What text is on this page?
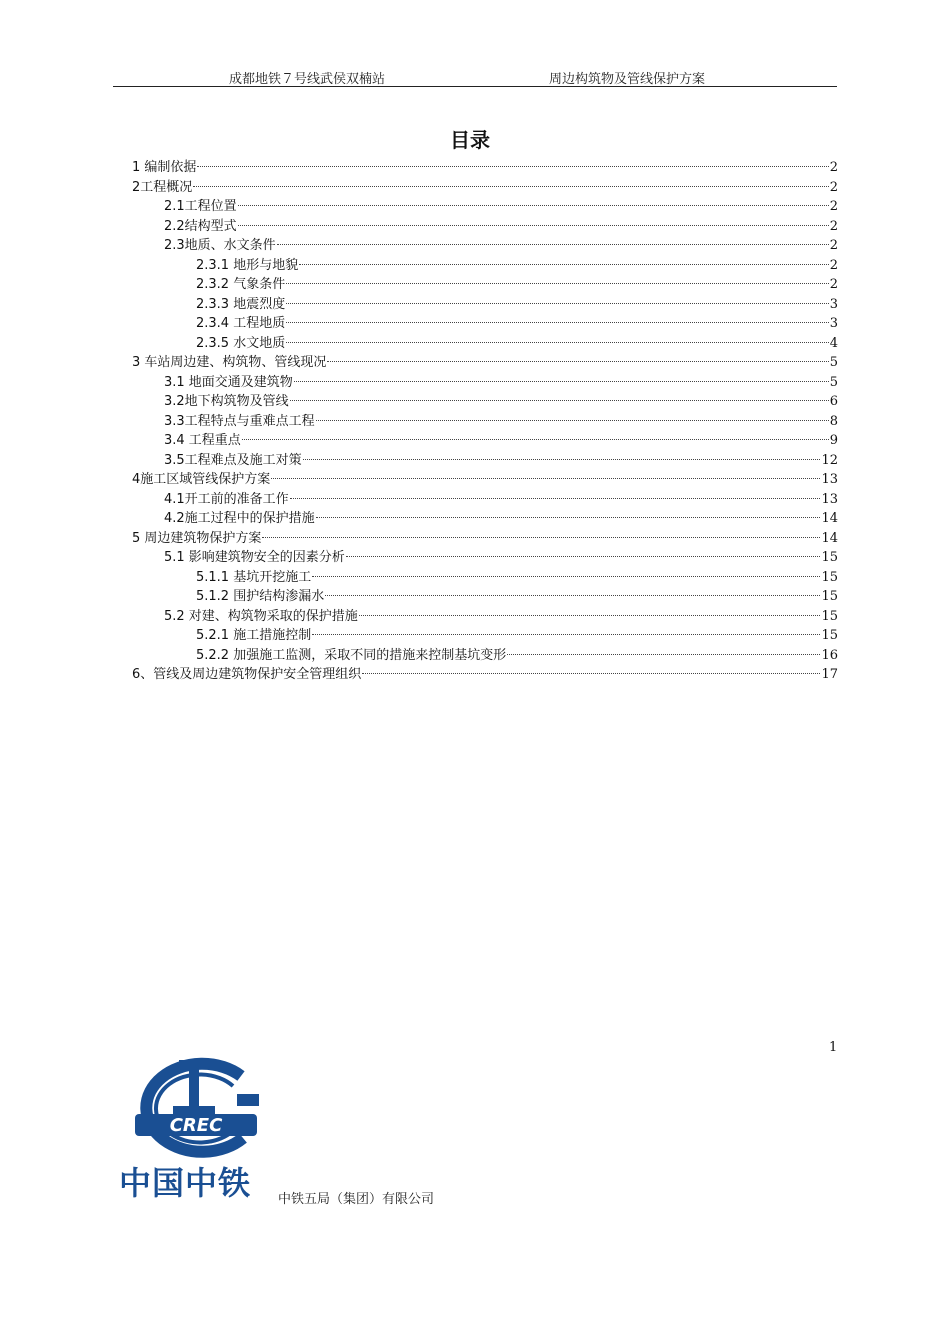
成都地铁７号线武侯双楠站	周边构筑物及管线保护方案
目录
1 编制依据	2
2工程概况	2
2.1工程位置	2
2.2结构型式	2
2.3地质、水文条件	2
2.3.1 地形与地貌	2
2.3.2 气象条件	2
2.3.3 地震烈度	3
2.3.4 工程地质	3
2.3.5 水文地质	4
3 车站周边建、构筑物、管线现况	5
3.1 地面交通及建筑物	5
3.2地下构筑物及管线	6
3.3工程特点与重难点工程	8
3.4 工程重点	9
3.5工程难点及施工对策	12
4施工区域管线保护方案	13
4.1开工前的准备工作	13
4.2施工过程中的保护措施	14
5 周边建筑物保护方案	14
5.1 影响建筑物安全的因素分析	15
5.1.1 基坑开挖施工	15
5.1.2 围护结构渗漏水	15
5.2 对建、构筑物采取的保护措施	15
5.2.1 施工措施控制	15
5.2.2 加强施工监测，采取不同的措施来控制基坑变形	16
6、管线及周边建筑物保护安全管理组织	17
1
CREC
中国中铁 中铁五局（集团）有限公司
